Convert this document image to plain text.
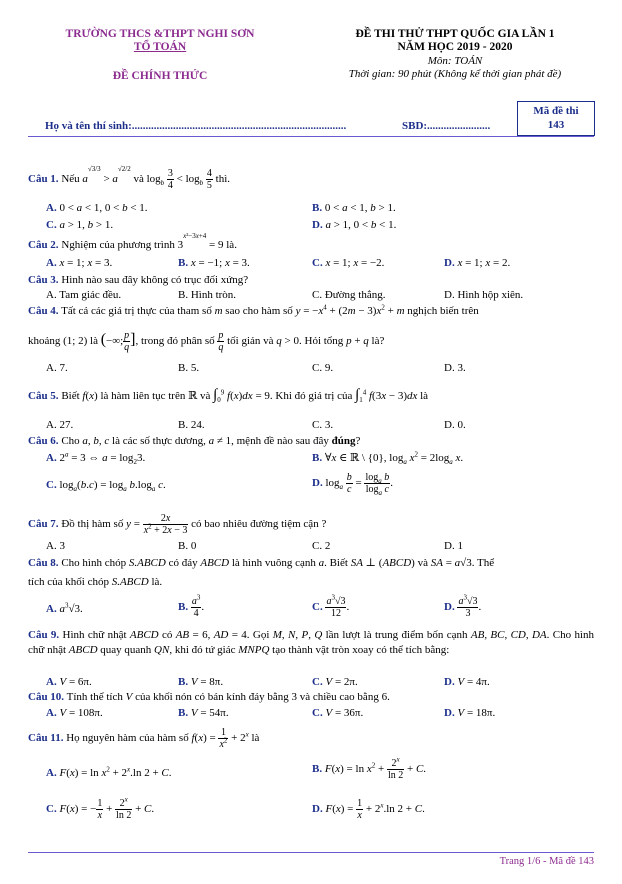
TRƯỜNG THCS &THPT NGHI SƠN
TỔ TOÁN
ĐỀ CHÍNH THỨC
ĐỀ THI THỬ THPT QUỐC GIA LẦN 1
NĂM HỌC 2019 - 2020
Môn: TOÁN
Thời gian: 90 phút (Không kể thời gian phát đề)
Họ và tên thí sinh:..............................................................................	SBD:.......................
Mã đề thi
143
Câu 1. Nếu $a^{√3/3} > a^{√2/2}$ và $\log_b \frac{3}{4} < \log_b \frac{4}{5}$ thì.
A. 0 < a < 1, 0 < b < 1.	B. 0 < a < 1, b > 1.
C. a > 1, b > 1.	D. a > 1, 0 < b < 1.
Câu 2. Nghiệm của phương trình $3^{x^2-3x+4} = 9$ là.
A. x = 1; x = 3.	B. x = −1; x = 3.	C. x = 1; x = −2.	D. x = 1; x = 2.
Câu 3. Hình nào sau đây không có trục đối xứng?
A. Tam giác đều.	B. Hình tròn.	C. Đường thẳng.	D. Hình hộp xiên.
Câu 4. Tất cả các giá trị thực của tham số m sao cho hàm số $y = -x^4 + (2m - 3)x^2 + m$ nghịch biến trên
khoảng (1; 2) là (−∞; $\frac{p}{q}$ ], trong đó phân số $\frac{p}{q}$ tối giản và q > 0. Hỏi tổng p + q là?
A. 7.	B. 5.	C. 9.	D. 3.
Câu 5. Biết f(x) là hàm liên tục trên ℝ và $\int_0^9$ f(x)dx = 9. Khi đó giá trị của $\int_1^4$ f(3x − 3)dx là
A. 27.	B. 24.	C. 3.	D. 0.
Câu 6. Cho a, b, c là các số thực dương, a ≠ 1, mệnh đề nào sau đây đúng?
A. $2^a = 3$ ⇔ $a = \log_23$.	B. ∀x ∈ ℝ \ {0}, $\log_a x^2 = 2\log_a$ x.
C. $\log_a(b.c) = \log_a b.\log_a$ c.	D. $\log_a \frac{b}{c} = \frac{\log_a b}{\log_a c}$ .
Câu 7. Đồ thị hàm số $y = \frac{2x}{x^2 + 2x - 3}$ có bao nhiêu đường tiệm cận ?
A. 3	B. 0	C. 2	D. 1
Câu 8. Cho hình chóp S.ABCD có đáy ABCD là hình vuông cạnh a. Biết SA ⊥ (ABCD) và SA = a√3. Thể
tích của khối chóp S.ABCD là.
A. $a^3√3$.	B. $\frac{a^3}{4}$ .	C. $\frac{a^3√3}{12}$ .	D. $\frac{a^3√3}{3}$ .
Câu 9. Hình chữ nhật ABCD có AB = 6, AD = 4. Gọi M, N, P, Q lần lượt là trung điểm bốn cạnh AB, BC, CD, DA. Cho hình chữ nhật ABCD quay quanh QN, khi đó tứ giác MNPQ tạo thành vật tròn xoay có thể tích bằng:
A. V = 6π.	B. V = 8π.	C. V = 2π.	D. V = 4π.
Câu 10. Tính thể tích V của khối nón có bán kính đáy bằng 3 và chiều cao bằng 6.
A. V = 108π.	B. V = 54π.	C. V = 36π.	D. V = 18π.
Câu 11. Họ nguyên hàm của hàm số $f(x) = \frac{1}{x^2} + 2^x$ là
A. $F(x) = \ln x^2 + 2^x.\ln$ 2 + C.	B. $F(x) = \ln x^2 + \frac{2^x}{\ln 2} + C$.
C. F(x) = − $\frac{1}{x} + \frac{2^x}{\ln 2} + C$.	D. $F(x) = \frac{1}{x} + 2^x.\ln$ 2 + C.
Trang 1/6 - Mã đề 143
